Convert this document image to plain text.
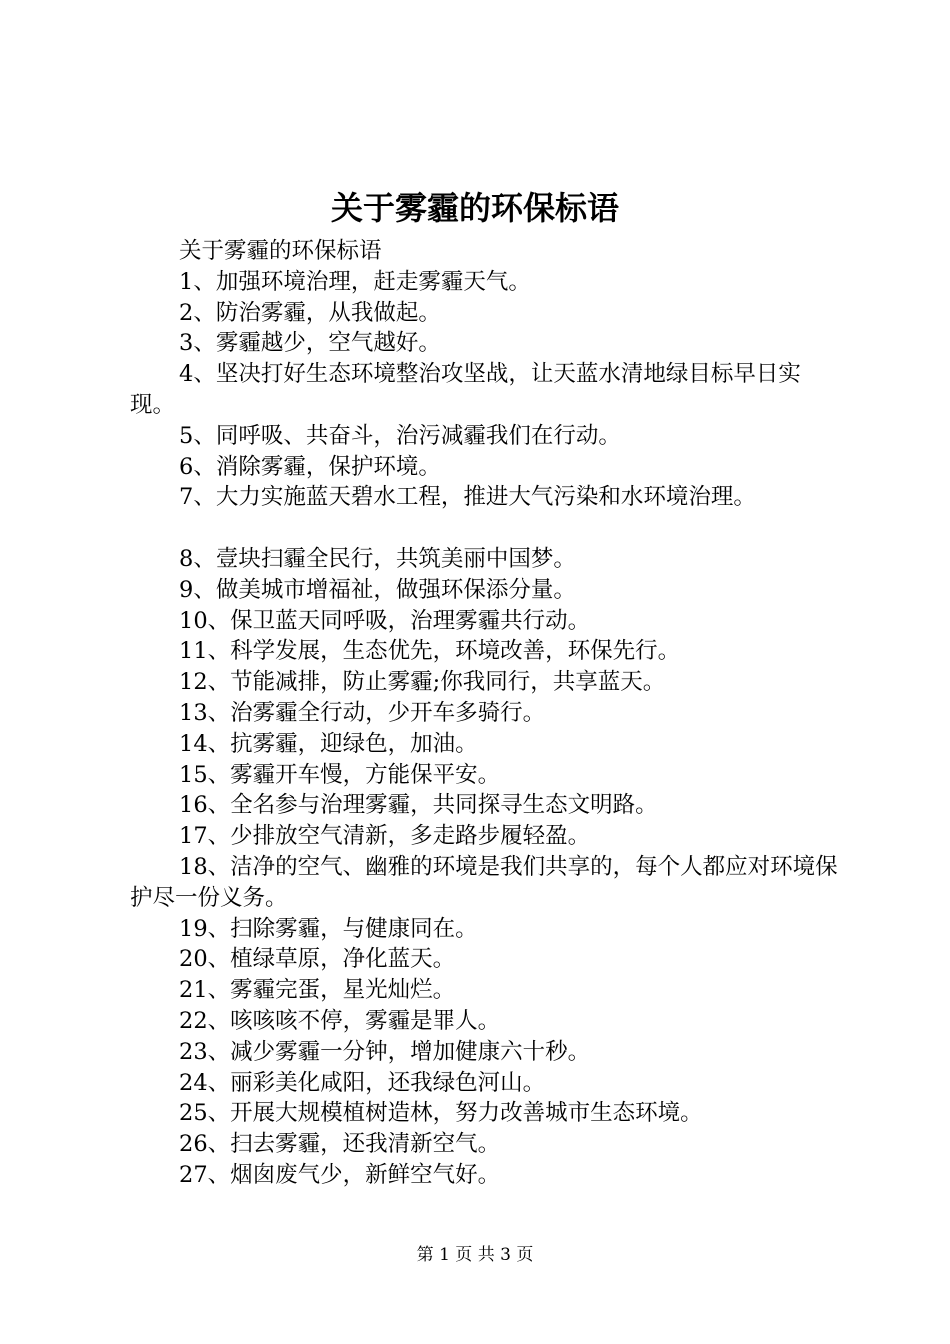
关于雾霾的环保标语

关于雾霾的环保标语

1、加强环境治理，赶走雾霾天气。

2、防治雾霾，从我做起。

3、雾霾越少，空气越好。

4、坚决打好生态环境整治攻坚战，让天蓝水清地绿目标早日实现。

5、同呼吸、共奋斗，治污减霾我们在行动。

6、消除雾霾，保护环境。

7、大力实施蓝天碧水工程，推进大气污染和水环境治理。

8、壹块扫霾全民行，共筑美丽中国梦。

9、做美城市增福祉，做强环保添分量。

10、保卫蓝天同呼吸，治理雾霾共行动。

11、科学发展，生态优先，环境改善，环保先行。

12、节能减排，防止雾霾;你我同行，共享蓝天。

13、治雾霾全行动，少开车多骑行。

14、抗雾霾，迎绿色，加油。

15、雾霾开车慢，方能保平安。

16、全名参与治理雾霾，共同探寻生态文明路。

17、少排放空气清新，多走路步履轻盈。

18、洁净的空气、幽雅的环境是我们共享的，每个人都应对环境保护尽一份义务。

19、扫除雾霾，与健康同在。

20、植绿草原，净化蓝天。

21、雾霾完蛋，星光灿烂。

22、咳咳咳不停，雾霾是罪人。

23、减少雾霾一分钟，增加健康六十秒。

24、丽彩美化咸阳，还我绿色河山。

25、开展大规模植树造林，努力改善城市生态环境。

26、扫去雾霾，还我清新空气。

27、烟囱废气少，新鲜空气好。

第 1 页 共 3 页
